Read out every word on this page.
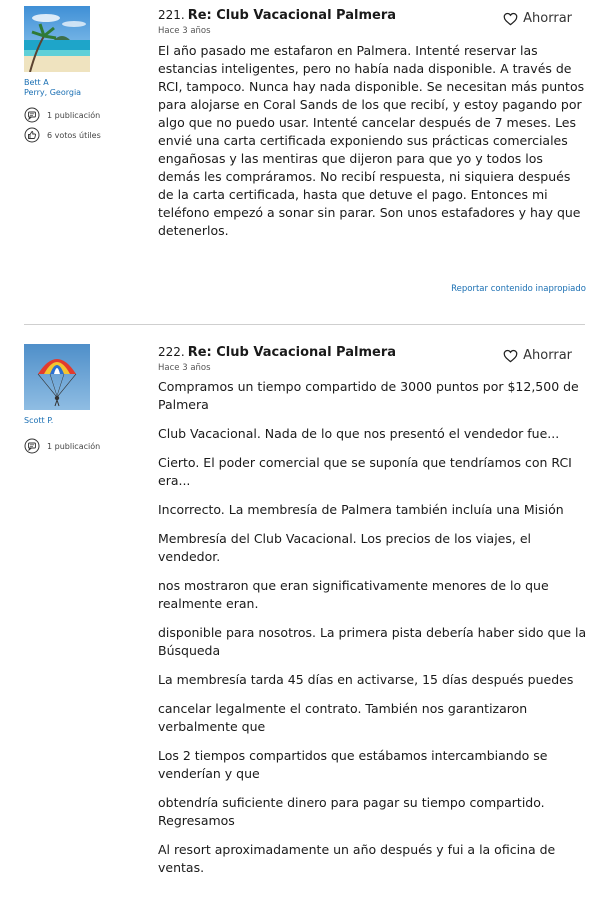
Bett A
Perry, Georgia
1 publicación
6 votos útiles
221. Re: Club Vacacional Palmera
Hace 3 años

El año pasado me estafaron en Palmera. Intenté reservar las estancias inteligentes, pero no había nada disponible. A través de RCI, tampoco. Nunca hay nada disponible. Se necesitan más puntos para alojarse en Coral Sands de los que recibí, y estoy pagando por algo que no puedo usar. Intenté cancelar después de 7 meses. Les envié una carta certificada exponiendo sus prácticas comerciales engañosas y las mentiras que dijeron para que yo y todos los demás les compráramos. No recibí respuesta, ni siquiera después de la carta certificada, hasta que detuve el pago. Entonces mi teléfono empezó a sonar sin parar. Son unos estafadores y hay que detenerlos.

Ahorrar
Reportar contenido inapropiado
Scott P.
1 publicación
222. Re: Club Vacacional Palmera
Hace 3 años

Compramos un tiempo compartido de 3000 puntos por $12,500 de Palmera

Club Vacacional. Nada de lo que nos presentó el vendedor fue...

Cierto. El poder comercial que se suponía que tendríamos con RCI era...

Incorrecto. La membresía de Palmera también incluía una Misión

Membresía del Club Vacacional. Los precios de los viajes, el vendedor.

nos mostraron que eran significativamente menores de lo que realmente eran.

disponible para nosotros. La primera pista debería haber sido que la Búsqueda

La membresía tarda 45 días en activarse, 15 días después puedes

cancelar legalmente el contrato. También nos garantizaron verbalmente que

Los 2 tiempos compartidos que estábamos intercambiando se venderían y que

obtendría suficiente dinero para pagar su tiempo compartido. Regresamos

Al resort aproximadamente un año después y fui a la oficina de ventas.

Ahorrar
